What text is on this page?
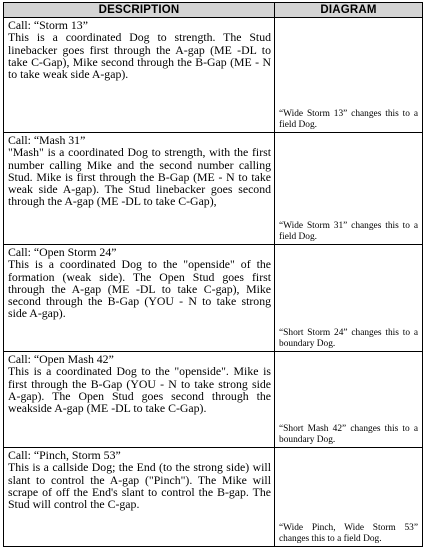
DESCRIPTION	DIAGRAM

Call: “Storm 13”
This is a coordinated Dog to strength. The Stud linebacker goes first through the A-gap (ME -DL to take C-Gap), Mike second through the B-Gap (ME - N to take weak side A-gap).	“Wide Storm 13” changes this to a field Dog.

Call: “Mash 31”
"Mash" is a coordinated Dog to strength, with the first number calling Mike and the second number calling Stud. Mike is first through the B-Gap (ME - N to take weak side A-gap). The Stud linebacker goes second through the A-gap (ME -DL to take C-Gap),	“Wide Storm 31” changes this to a field Dog.

Call: “Open Storm 24”
This is a coordinated Dog to the "openside" of the formation (weak side). The Open Stud goes first through the A-gap (ME -DL to take C-gap), Mike second through the B-Gap (YOU - N to take strong side A-gap).	“Short Storm 24” changes this to a boundary Dog.

Call: “Open Mash 42”
This is a coordinated Dog to the "openside". Mike is first through the B-Gap (YOU - N to take strong side A-gap). The Open Stud goes second through the weakside A-gap (ME -DL to take C-Gap).	“Short Mash 42” changes this to a boundary Dog.

Call: “Pinch, Storm 53”
This is a callside Dog; the End (to the strong side) will slant to control the A-gap ("Pinch"). The Mike will scrape of off the End's slant to control the B-gap. The Stud will control the C-gap.	“Wide Pinch, Wide Storm 53” changes this to a field Dog.
